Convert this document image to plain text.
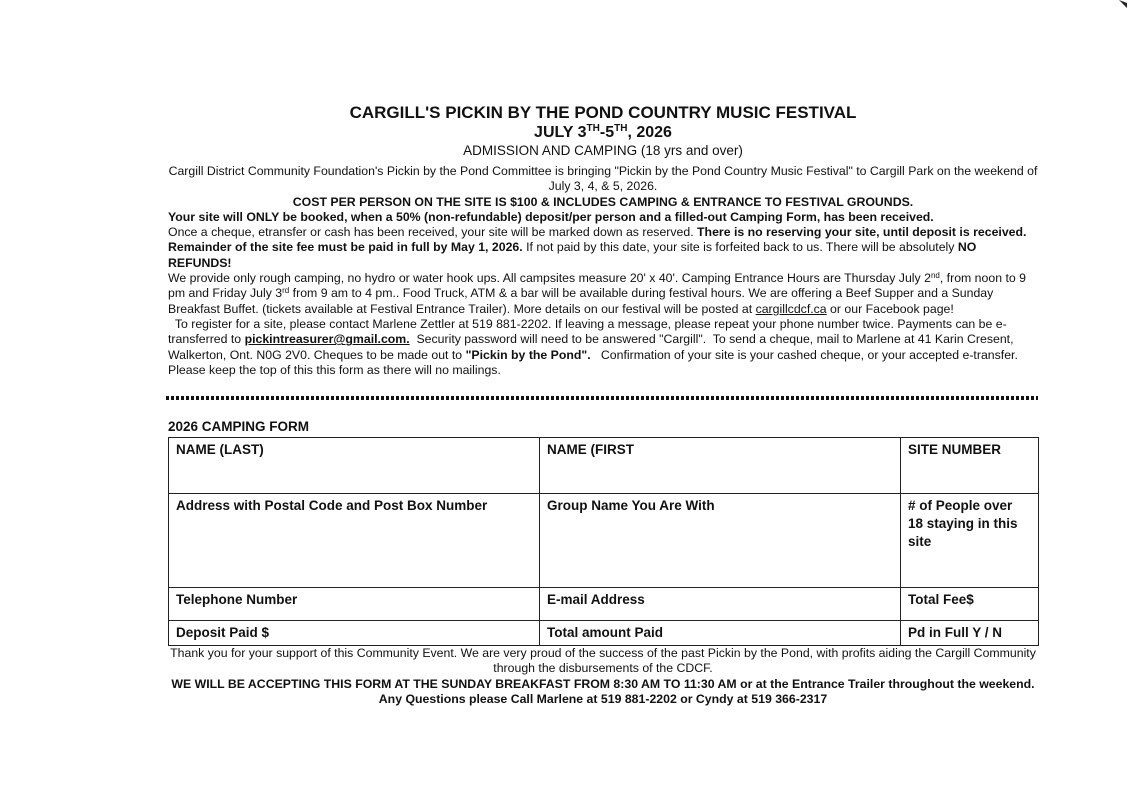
CARGILL'S PICKIN BY THE POND COUNTRY MUSIC FESTIVAL
JULY 3TH-5TH, 2026
ADMISSION AND CAMPING (18 yrs and over)

Cargill District Community Foundation's Pickin by the Pond Committee is bringing "Pickin by the Pond Country Music Festival" to Cargill Park on the weekend of July 3, 4, & 5, 2026.

COST PER PERSON ON THE SITE IS $100 & INCLUDES CAMPING & ENTRANCE TO FESTIVAL GROUNDS.

Your site will ONLY be booked, when a 50% (non-refundable) deposit/per person and a filled-out Camping Form, has been received.

Once a cheque, etransfer or cash has been received, your site will be marked down as reserved. There is no reserving your site, until deposit is received. Remainder of the site fee must be paid in full by May 1, 2026. If not paid by this date, your site is forfeited back to us. There will be absolutely NO REFUNDS!

We provide only rough camping, no hydro or water hook ups. All campsites measure 20' x 40'. Camping Entrance Hours are Thursday July 2nd, from noon to 9 pm and Friday July 3rd from 9 am to 4 pm.. Food Truck, ATM & a bar will be available during festival hours. We are offering a Beef Supper and a Sunday Breakfast Buffet. (tickets available at Festival Entrance Trailer). More details on our festival will be posted at cargillcdcf.ca or our Facebook page!

To register for a site, please contact Marlene Zettler at 519 881-2202. If leaving a message, please repeat your phone number twice. Payments can be e-transferred to pickintreasurer@gmail.com.  Security password will need to be answered "Cargill".  To send a cheque, mail to Marlene at 41 Karin Cresent, Walkerton, Ont. N0G 2V0. Cheques to be made out to "Pickin by the Pond".   Confirmation of your site is your cashed cheque, or your accepted e-transfer.  Please keep the top of this this form as there will no mailings.

2026 CAMPING FORM
NAME (LAST)	NAME (FIRST	SITE NUMBER
Address with Postal Code and Post Box Number	Group Name You Are With	# of People over 18 staying in this site
Telephone Number	E-mail Address	Total Fee$
Deposit Paid $	Total amount Paid	Pd in Full Y / N

Thank you for your support of this Community Event. We are very proud of the success of the past Pickin by the Pond, with profits aiding the Cargill Community through the disbursements of the CDCF.

WE WILL BE ACCEPTING THIS FORM AT THE SUNDAY BREAKFAST FROM 8:30 AM TO 11:30 AM or at the Entrance Trailer throughout the weekend.

Any Questions please Call Marlene at 519 881-2202 or Cyndy at 519 366-2317
